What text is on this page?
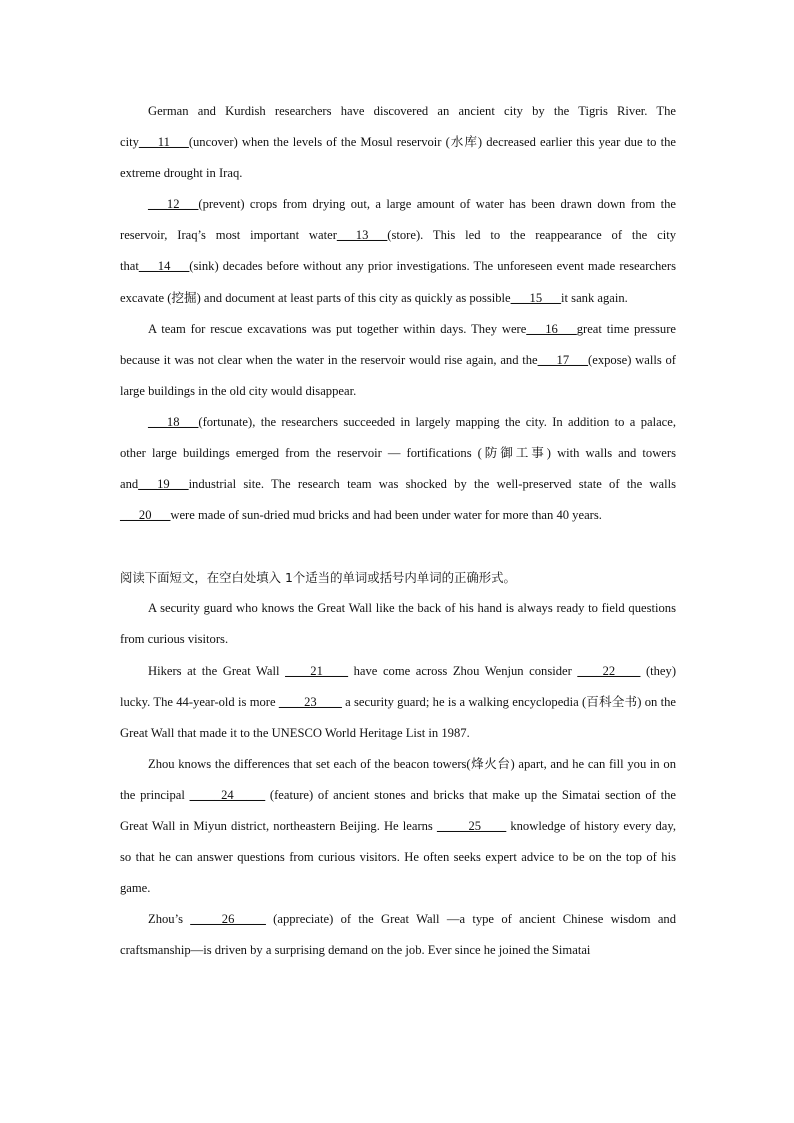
German and Kurdish researchers have discovered an ancient city by the Tigris River. The city___11___(uncover) when the levels of the Mosul reservoir (水库) decreased earlier this year due to the extreme drought in Iraq.

___12___(prevent) crops from drying out, a large amount of water has been drawn down from the reservoir, Iraq’s most important water___13___(store). This led to the reappearance of the city that___14___(sink) decades before without any prior investigations. The unforeseen event made researchers excavate (挖掘) and document at least parts of this city as quickly as possible___15___it sank again.

A team for rescue excavations was put together within days. They were___16___great time pressure because it was not clear when the water in the reservoir would rise again, and the___17___(expose) walls of large buildings in the old city would disappear.

___18___(fortunate), the researchers succeeded in largely mapping the city. In addition to a palace, other large buildings emerged from the reservoir — fortifications (防御工事) with walls and towers and___19___industrial site. The research team was shocked by the well-preserved state of the walls ___20___were made of sun-dried mud bricks and had been under water for more than 40 years.

阅读下面短文，在空白处填入 1个适当的单词或括号内单词的正确形式。

A security guard who knows the Great Wall like the back of his hand is always ready to field questions from curious visitors.

Hikers at the Great Wall ____21____ have come across Zhou Wenjun consider ____22____ (they) lucky. The 44-year-old is more ____23____ a security guard; he is a walking encyclopedia (百科全书) on the Great Wall that made it to the UNESCO World Heritage List in 1987.

Zhou knows the differences that set each of the beacon towers(烽火台) apart, and he can fill you in on the principal _____24_____ (feature) of ancient stones and bricks that make up the Simatai section of the Great Wall in Miyun district, northeastern Beijing. He learns _____25____ knowledge of history every day, so that he can answer questions from curious visitors. He often seeks expert advice to be on the top of his game.

Zhou’s _____26_____ (appreciate) of the Great Wall —a type of ancient Chinese wisdom and craftsmanship—is driven by a surprising demand on the job. Ever since he joined the Simatai
